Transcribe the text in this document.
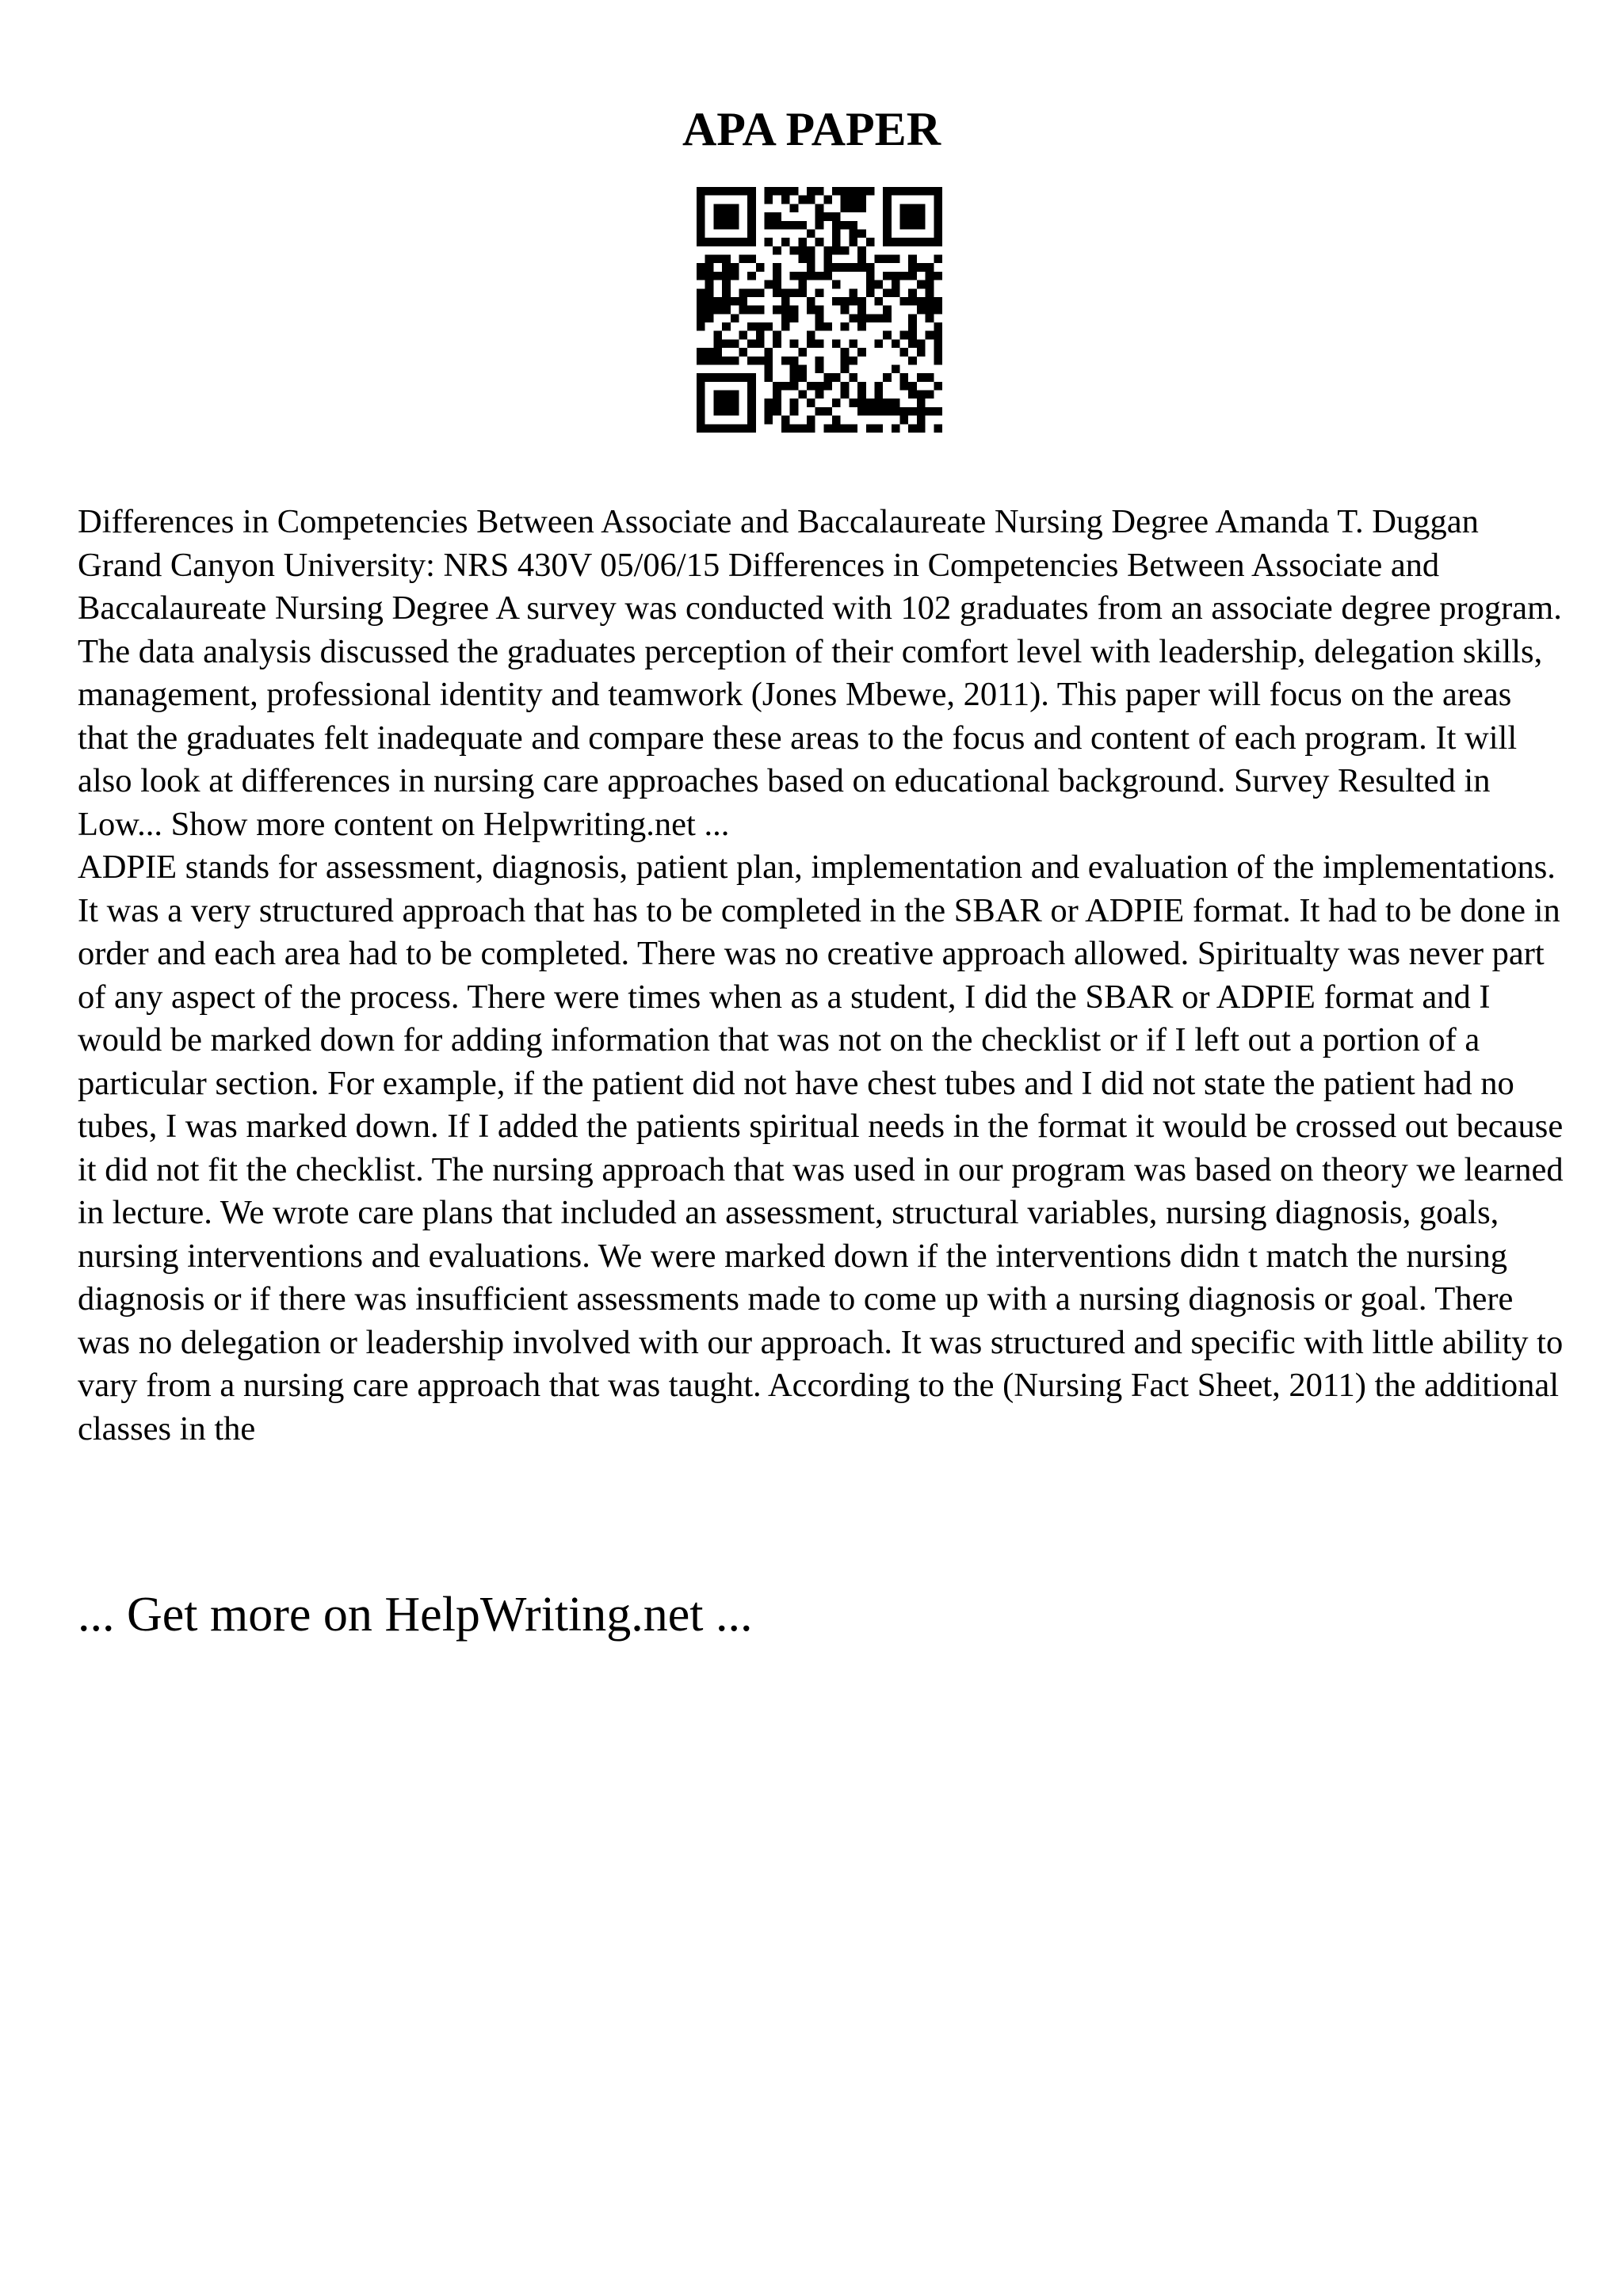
APA PAPER

Differences in Competencies Between Associate and Baccalaureate Nursing Degree Amanda T. Duggan Grand Canyon University: NRS 430V 05/06/15 Differences in Competencies Between Associate and Baccalaureate Nursing Degree A survey was conducted with 102 graduates from an associate degree program. The data analysis discussed the graduates perception of their comfort level with leadership, delegation skills, management, professional identity and teamwork (Jones Mbewe, 2011). This paper will focus on the areas that the graduates felt inadequate and compare these areas to the focus and content of each program. It will also look at differences in nursing care approaches based on educational background. Survey Resulted in Low... Show more content on Helpwriting.net ...

ADPIE stands for assessment, diagnosis, patient plan, implementation and evaluation of the implementations. It was a very structured approach that has to be completed in the SBAR or ADPIE format. It had to be done in order and each area had to be completed. There was no creative approach allowed. Spiritualty was never part of any aspect of the process. There were times when as a student, I did the SBAR or ADPIE format and I would be marked down for adding information that was not on the checklist or if I left out a portion of a particular section. For example, if the patient did not have chest tubes and I did not state the patient had no tubes, I was marked down. If I added the patients spiritual needs in the format it would be crossed out because it did not fit the checklist. The nursing approach that was used in our program was based on theory we learned in lecture. We wrote care plans that included an assessment, structural variables, nursing diagnosis, goals, nursing interventions and evaluations. We were marked down if the interventions didn t match the nursing diagnosis or if there was insufficient assessments made to come up with a nursing diagnosis or goal. There was no delegation or leadership involved with our approach. It was structured and specific with little ability to vary from a nursing care approach that was taught. According to the (Nursing Fact Sheet, 2011) the additional classes in the

... Get more on HelpWriting.net ...
